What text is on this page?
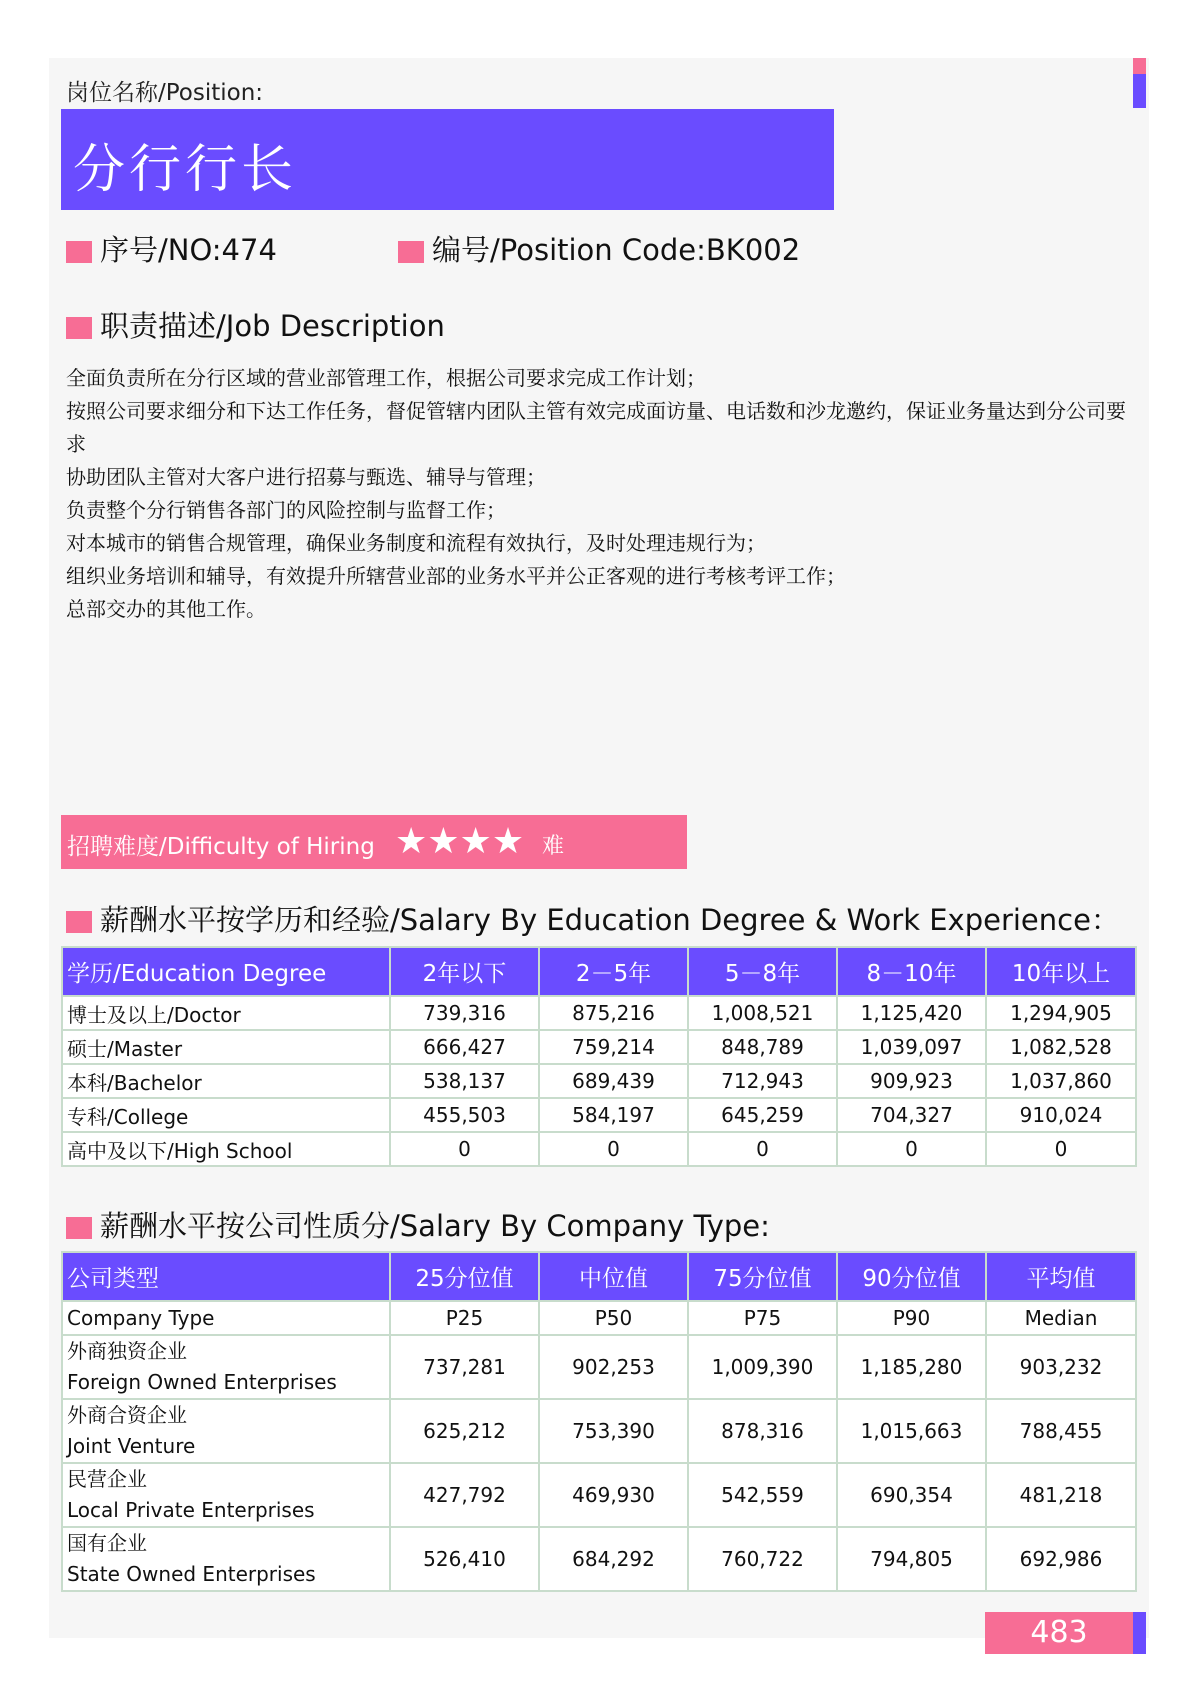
岗位名称/Position:
分行行长
序号/NO:474	编号/Position Code:BK002
职责描述/Job Description
全面负责所在分行区域的营业部管理工作，根据公司要求完成工作计划；
按照公司要求细分和下达工作任务，督促管辖内团队主管有效完成面访量、电话数和沙龙邀约，保证业务量达到分公司要求
协助团队主管对大客户进行招募与甄选、辅导与管理；
负责整个分行销售各部门的风险控制与监督工作；
对本城市的销售合规管理，确保业务制度和流程有效执行，及时处理违规行为；
组织业务培训和辅导，有效提升所辖营业部的业务水平并公正客观的进行考核考评工作；
总部交办的其他工作。
招聘难度/Difficulty of Hiring ★★★★ 难
薪酬水平按学历和经验/Salary By Education Degree & Work Experience：
学历/Education Degree	2年以下	2－5年	5－8年	8－10年	10年以上
博士及以上/Doctor	739,316	875,216	1,008,521	1,125,420	1,294,905
硕士/Master	666,427	759,214	848,789	1,039,097	1,082,528
本科/Bachelor	538,137	689,439	712,943	909,923	1,037,860
专科/College	455,503	584,197	645,259	704,327	910,024
高中及以下/High School	0	0	0	0	0
薪酬水平按公司性质分/Salary By Company Type:
公司类型	25分位值	中位值	75分位值	90分位值	平均值
Company Type	P25	P50	P75	P90	Median

外商独资企业
Foreign Owned Enterprises	737,281	902,253	1,009,390	1,185,280	903,232

外商合资企业
Joint Venture	625,212	753,390	878,316	1,015,663	788,455

民营企业
Local Private Enterprises	427,792	469,930	542,559	690,354	481,218

国有企业
State Owned Enterprises	526,410	684,292	760,722	794,805	692,986
483
